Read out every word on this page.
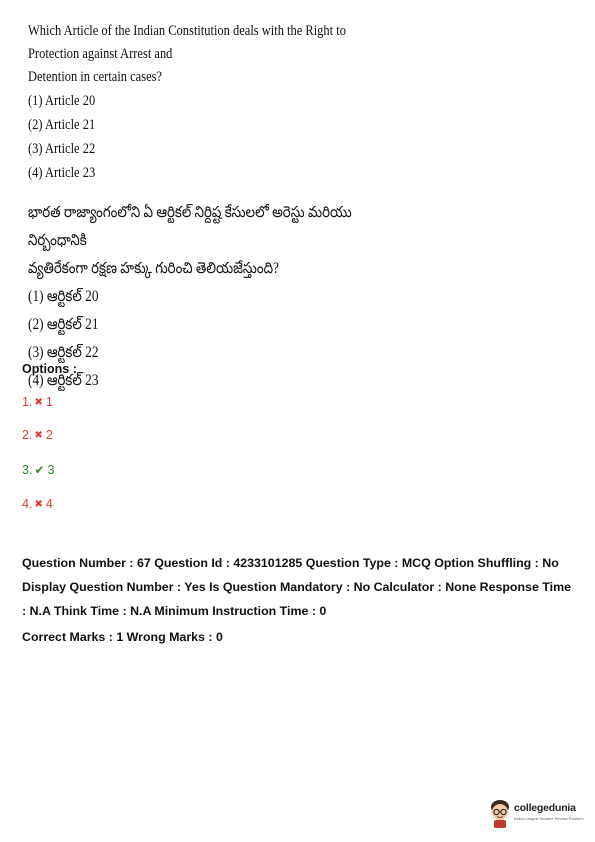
Which Article of the Indian Constitution deals with the Right to Protection against Arrest and
Detention in certain cases?

(1) Article 20
(2) Article 21
(3) Article 22
(4) Article 23
భారత రాజ్యాంగంలోని ఏ ఆర్టికల్ నిర్దిష్ట కేసులలో అరెస్టు మరియు నిర్బంధానికి
వ్యతిరేకంగా రక్షణ హక్కు గురించి తెలియజేస్తుంది?
(1) ఆర్టికల్ 20
(2) ఆర్టికల్ 21
(3) ఆర్టికల్ 22
(4) ఆర్టికల్ 23
Options :
1. ✖ 1
2. ✖ 2
3. ✔ 3
4. ✖ 4
Question Number : 67 Question Id : 4233101285 Question Type : MCQ Option Shuffling : No
Display Question Number : Yes Is Question Mandatory : No Calculator : None Response Time
: N.A Think Time : N.A Minimum Instruction Time : 0
Correct Marks : 1 Wrong Marks : 0
collegedunia
India's largest Student Review Platform
